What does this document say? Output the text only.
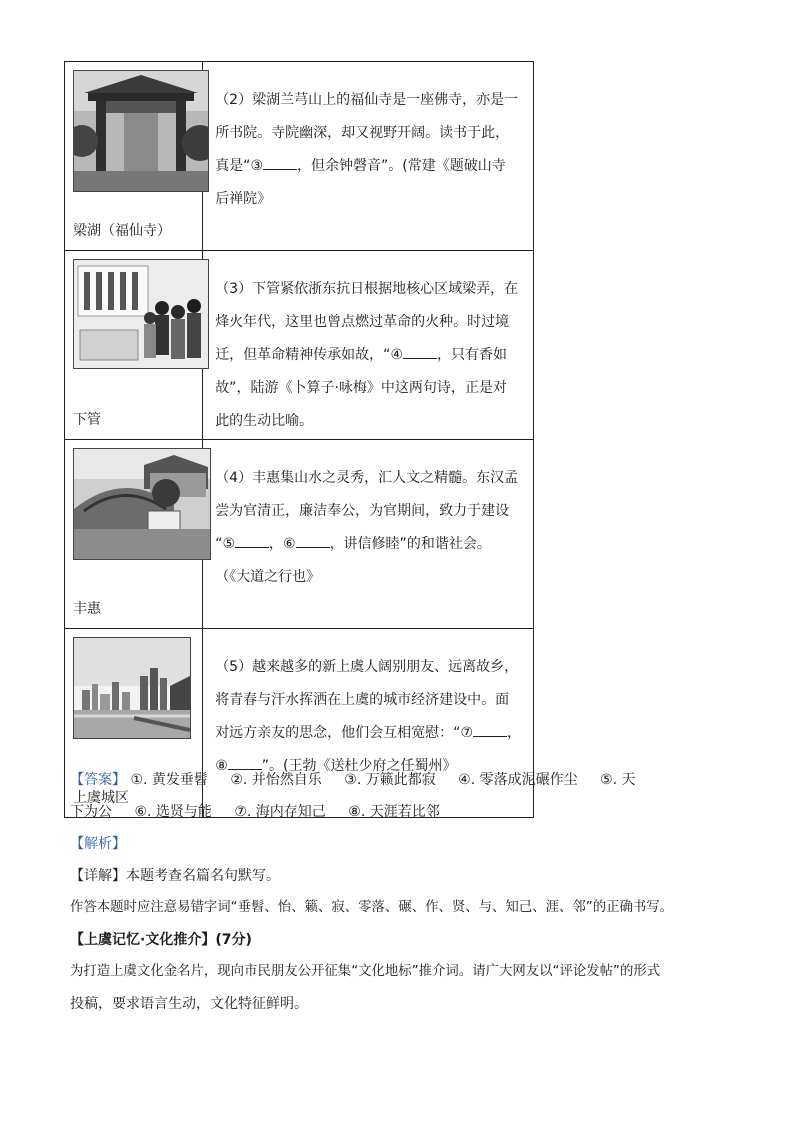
梁湖（福仙寺）	（2）梁湖兰芎山上的福仙寺是一座佛寺，亦是一
所书院。寺院幽深，却又视野开阔。读书于此，
真是“③ ，但余钟磬音”。(常建《题破山寺
后禅院》

下管	（3）下管紧依浙东抗日根据地核心区域梁弄，在
烽火年代，这里也曾点燃过革命的火种。时过境
迁，但革命精神传承如故，“④ ，只有香如
故”，陆游《卜算子·咏梅》中这两句诗，正是对
此的生动比喻。

丰惠	（4）丰惠集山水之灵秀，汇人文之精髓。东汉孟
尝为官清正，廉洁奉公，为官期间，致力于建设
“⑤ ，⑥ ，讲信修睦”的和谐社会。
（《大道之行也》

上虞城区	（5）越来越多的新上虞人阔别朋友、远离故乡，
将青春与汗水挥洒在上虞的城市经济建设中。面
对远方亲友的思念，他们会互相宽慰：“⑦ ，
⑧ ”。(王勃《送杜少府之任蜀州》
【答案】 ①. 黄发垂髫 ②. 并怡然自乐 ③. 万籁此都寂 ④. 零落成泥碾作尘 ⑤. 天
下为公 ⑥. 选贤与能 ⑦. 海内存知己 ⑧. 天涯若比邻
【解析】
【详解】本题考查名篇名句默写。
作答本题时应注意易错字词“垂髫、怡、籁、寂、零落、碾、作、贤、与、知己、涯、邻”的正确书写。
【上虞记忆·文化推介】(7分)
为打造上虞文化金名片，现向市民朋友公开征集“文化地标”推介词。请广大网友以“评论发帖”的形式
投稿，要求语言生动，文化特征鲜明。
